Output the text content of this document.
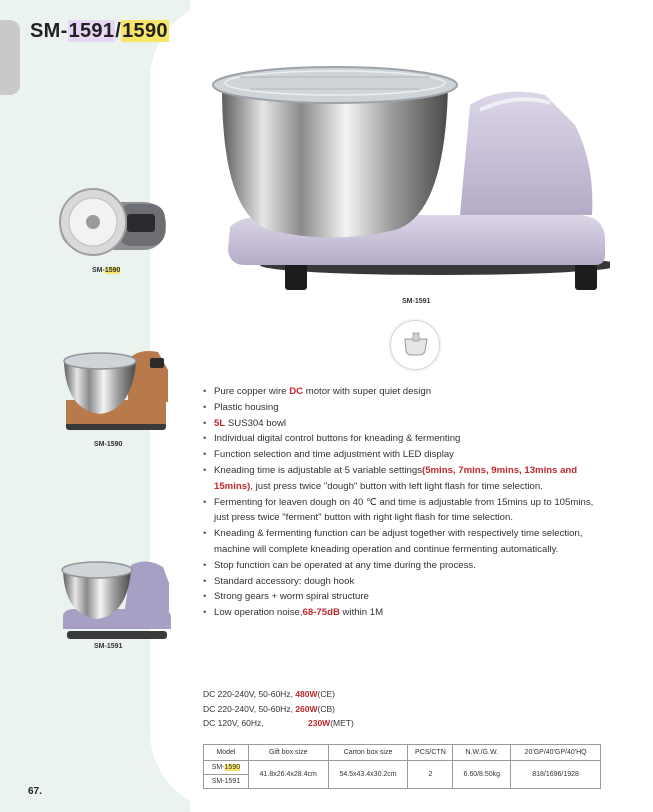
SM-1591/1590
SM-1591
SM-1590
SM-1590
SM-1591
• Pure copper wire DC motor with super quiet design
• Plastic housing
• 5L SUS304 bowl
• Individual digital control buttons for kneading & fermenting
• Function selection and time adjustment with LED display
• Kneading time is adjustable at 5 variable settings(5mins, 7mins, 9mins, 13mins and 15mins), just press twice "dough" button with left light flash for time selection.
• Fermenting for leaven dough on 40 ℃ and time is adjustable from 15mins up to 105mins, just press twice "ferment" button with right light flash for time selection.
• Kneading & fermenting function can be adjust together with respectively time selection, machine will complete kneading operation and continue fermenting automatically.
• Stop function can be operated at any time during the process.
• Standard accessory: dough hook
• Strong gears + worm spiral structure
• Low operation noise,68-75dB within 1M
DC 220-240V, 50-60Hz, 480W(CE)
DC 220-240V, 50-60Hz, 260W(CB)
DC 120V, 60Hz,	230W(MET)
Model	Gift box size	Carton box size	PCS/CTN	N.W./G.W.	20'GP/40'GP/40'HQ
SM-1590	41.8x26.4x28.4cm	54.5x43.4x30.2cm	2	6.60/8.50kg	818/1696/1928
SM-1591					
67.
